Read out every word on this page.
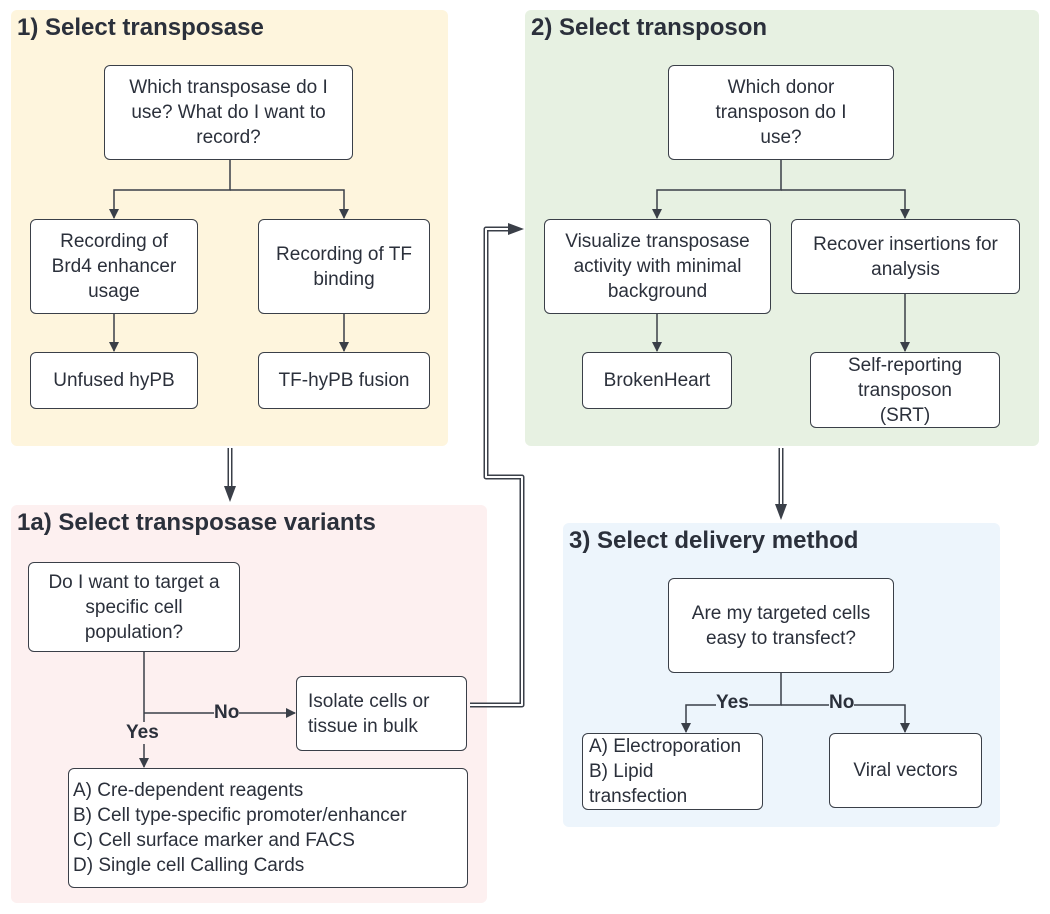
1) Select transposase
1a) Select transposase variants
2) Select transposon
3) Select delivery method
Which transposase do I use? What do I want to record?
Recording of Brd4 enhancer usage
Recording of TF binding
Unfused hyPB	TF-hyPB fusion
Which donor transposon do I use?
Visualize transposase activity with minimal background
Recover insertions for analysis
BrokenHeart
Self-reporting transposon (SRT)
Do I want to target a specific cell population?
Isolate cells or tissue in bulk
No
Yes
A) Cre-dependent reagents
B) Cell type-specific promoter/enhancer
C) Cell surface marker and FACS
D) Single cell Calling Cards
Are my targeted cells easy to transfect?
Yes	No
A) Electroporation
B) Lipid transfection
Viral vectors
